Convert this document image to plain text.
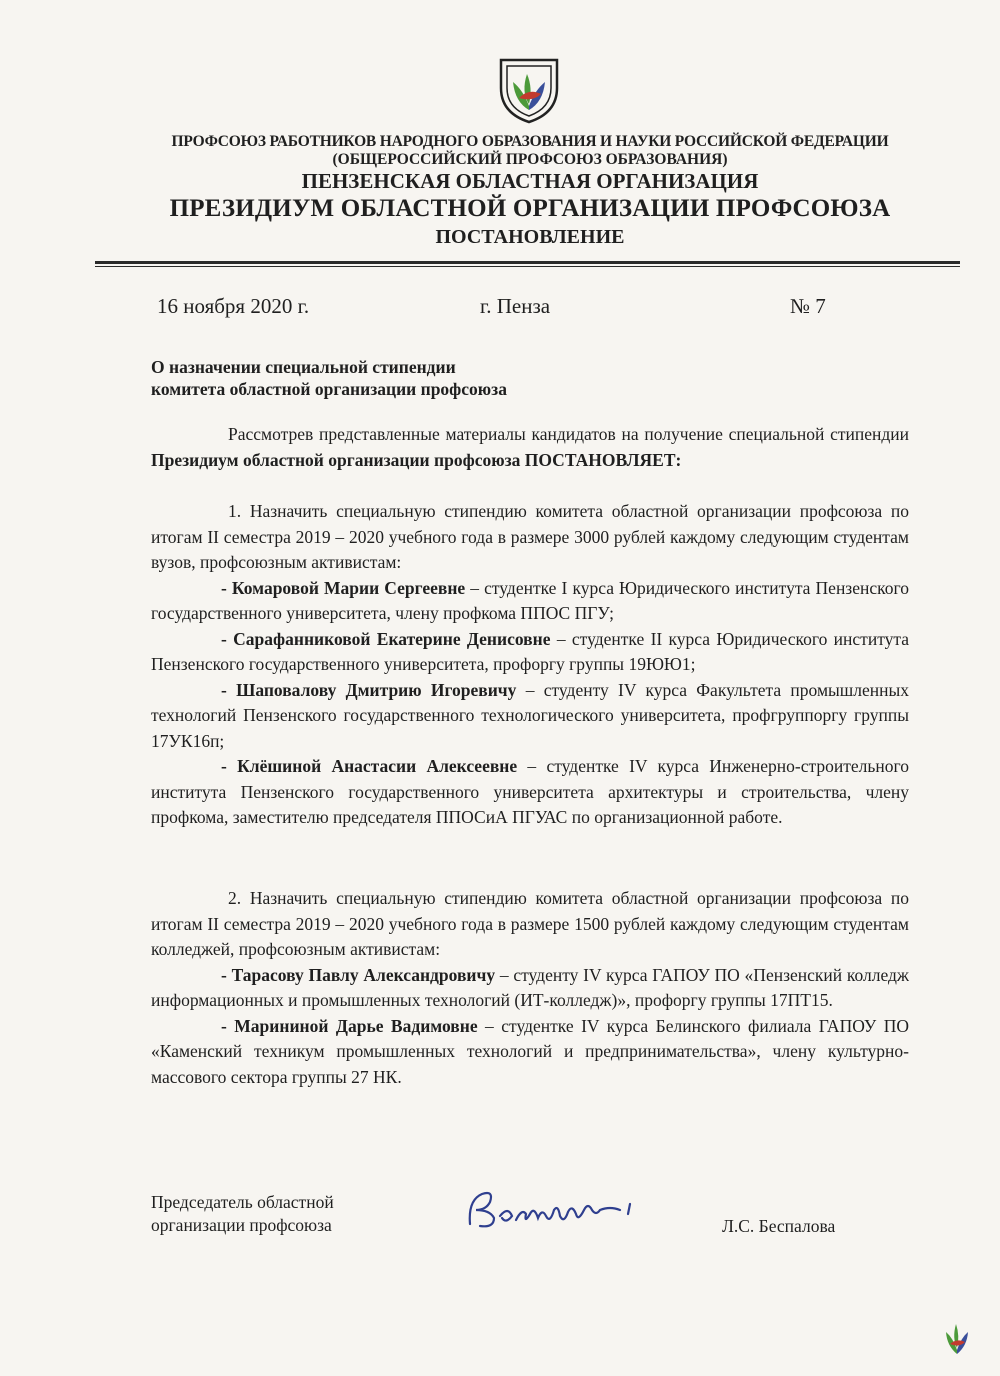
ПРОФСОЮЗ РАБОТНИКОВ НАРОДНОГО ОБРАЗОВАНИЯ И НАУКИ РОССИЙСКОЙ ФЕДЕРАЦИИ
(ОБЩЕРОССИЙСКИЙ ПРОФСОЮЗ ОБРАЗОВАНИЯ)
ПЕНЗЕНСКАЯ ОБЛАСТНАЯ ОРГАНИЗАЦИЯ
ПРЕЗИДИУМ ОБЛАСТНОЙ ОРГАНИЗАЦИИ ПРОФСОЮЗА
ПОСТАНОВЛЕНИЕ
16 ноября 2020 г.	г. Пенза	№ 7
О назначении специальной стипендии
комитета областной организации профсоюза

Рассмотрев представленные материалы кандидатов на получение специальной стипендии Президиум областной организации профсоюза ПОСТАНОВЛЯЕТ:

1. Назначить специальную стипендию комитета областной организации профсоюза по итогам II семестра 2019 – 2020 учебного года в размере 3000 рублей каждому следующим студентам вузов, профсоюзным активистам:

- Комаровой Марии Сергеевне – студентке I курса Юридического института Пензенского государственного университета, члену профкома ППОС ПГУ;

- Сарафанниковой Екатерине Денисовне – студентке II курса Юридического института Пензенского государственного университета, профоргу группы 19ЮЮ1;

- Шаповалову Дмитрию Игоревичу – студенту IV курса Факультета промышленных технологий Пензенского государственного технологического университета, профгруппоргу группы 17УК16п;

- Клёшиной Анастасии Алексеевне – студентке IV курса Инженерно-строительного института Пензенского государственного университета архитектуры и строительства, члену профкома, заместителю председателя ППОСиА ПГУАС по организационной работе.

2. Назначить специальную стипендию комитета областной организации профсоюза по итогам II семестра 2019 – 2020 учебного года в размере 1500 рублей каждому следующим студентам колледжей, профсоюзным активистам:

- Тарасову Павлу Александровичу – студенту IV курса ГАПОУ ПО «Пензенский колледж информационных и промышленных технологий (ИТ-колледж)», профоргу группы 17ПТ15.

- Марининой Дарье Вадимовне – студентке IV курса Белинского филиала ГАПОУ ПО «Каменский техникум промышленных технологий и предпринимательства», члену культурно-массового сектора группы 27 НК.

Председатель областной
организации профсоюза	Л.С. Беспалова
